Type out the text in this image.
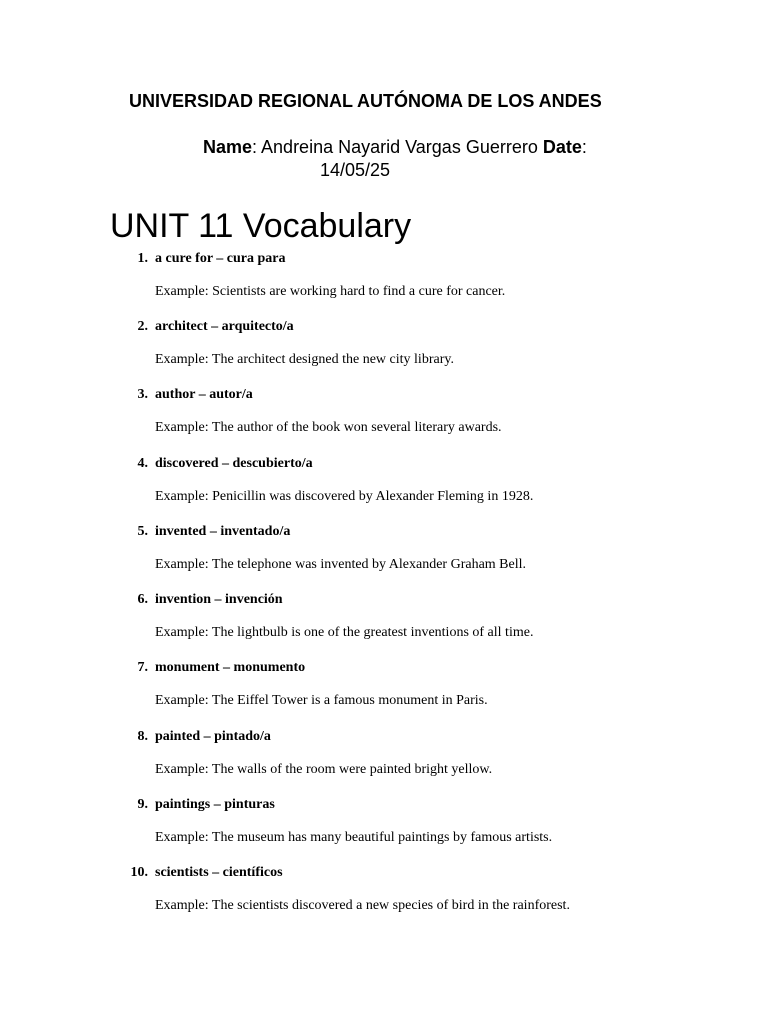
UNIVERSIDAD REGIONAL AUTÓNOMA DE LOS ANDES
Name: Andreina Nayarid Vargas Guerrero Date:
14/05/25
UNIT 11 Vocabulary
1. a cure for – cura para
Example: Scientists are working hard to find a cure for cancer.
2. architect – arquitecto/a
Example: The architect designed the new city library.
3. author – autor/a
Example: The author of the book won several literary awards.
4. discovered – descubierto/a
Example: Penicillin was discovered by Alexander Fleming in 1928.
5. invented – inventado/a
Example: The telephone was invented by Alexander Graham Bell.
6. invention – invención
Example: The lightbulb is one of the greatest inventions of all time.
7. monument – monumento
Example: The Eiffel Tower is a famous monument in Paris.
8. painted – pintado/a
Example: The walls of the room were painted bright yellow.
9. paintings – pinturas
Example: The museum has many beautiful paintings by famous artists.
10. scientists – científicos
Example: The scientists discovered a new species of bird in the rainforest.
